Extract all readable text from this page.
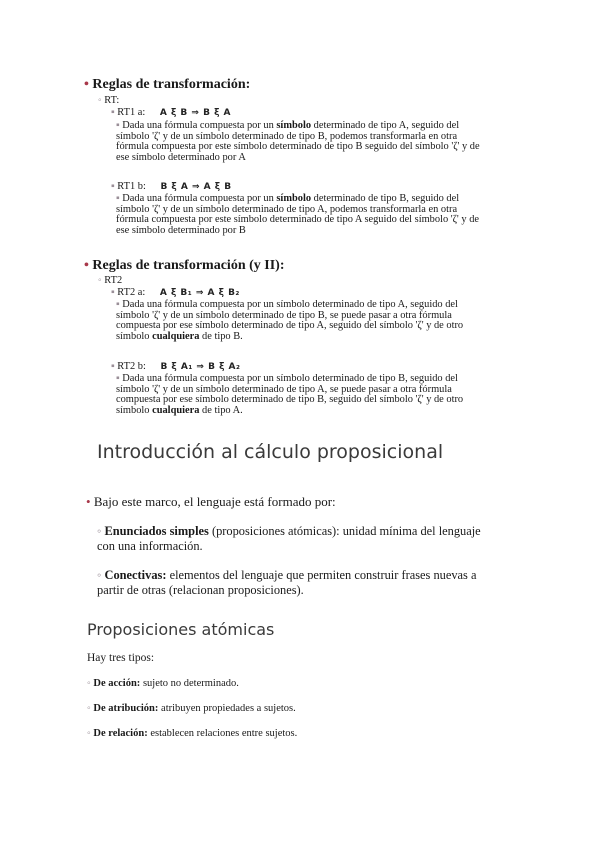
• Reglas de transformación:
◦ RT:
▪ RT1 a: A ξ B ⇒ B ξ A
▪ Dada una fórmula compuesta por un símbolo determinado de tipo A, seguido del símbolo 'ζ' y de un símbolo determinado de tipo B, podemos transformarla en otra fórmula compuesta por este símbolo determinado de tipo B seguido del símbolo 'ζ' y de ese símbolo determinado por A
▪ RT1 b: B ξ A ⇒ A ξ B
▪ Dada una fórmula compuesta por un símbolo determinado de tipo B, seguido del símbolo 'ζ' y de un símbolo determinado de tipo A, podemos transformarla en otra fórmula compuesta por este símbolo determinado de tipo A seguido del símbolo 'ζ' y de ese símbolo determinado por B
• Reglas de transformación (y II):
◦ RT2
▪ RT2 a: A ξ B₁ ⇒ A ξ B₂
▪ Dada una fórmula compuesta por un símbolo determinado de tipo A, seguido del símbolo 'ζ' y de un símbolo determinado de tipo B, se puede pasar a otra fórmula compuesta por ese símbolo determinado de tipo A, seguido del símbolo 'ζ' y de otro símbolo cualquiera de tipo B.
▪ RT2 b: B ξ A₁ ⇒ B ξ A₂
▪ Dada una fórmula compuesta por un símbolo determinado de tipo B, seguido del símbolo 'ζ' y de un símbolo determinado de tipo A, se puede pasar a otra fórmula compuesta por ese símbolo determinado de tipo B, seguido del símbolo 'ζ' y de otro símbolo cualquiera de tipo A.
Introducción al cálculo proposicional
• Bajo este marco, el lenguaje está formado por:
◦ Enunciados simples (proposiciones atómicas): unidad mínima del lenguaje con una información.
◦ Conectivas: elementos del lenguaje que permiten construir frases nuevas a partir de otras (relacionan proposiciones).
Proposiciones atómicas
Hay tres tipos:
◦ De acción: sujeto no determinado.
◦ De atribución: atribuyen propiedades a sujetos.
◦ De relación: establecen relaciones entre sujetos.
